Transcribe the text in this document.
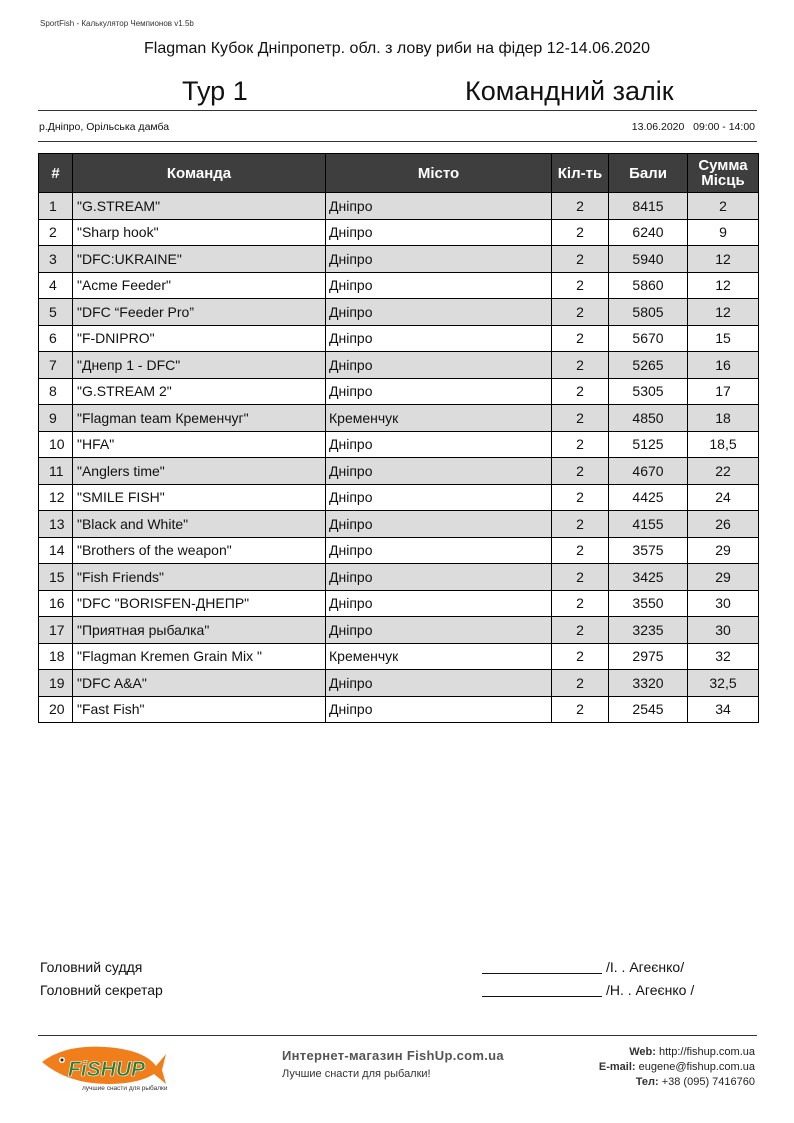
SportFish - Калькулятор Чемпионов v1.5b
Flagman Кубок Дніпропетр. обл. з лову риби на фідер 12-14.06.2020
Тур 1	Командний залік
р.Дніпро, Орільська дамба	13.06.2020 09:00 - 14:00
#	Команда	Місто	Кіл-ть	Бали	Сумма
Місць
1	"G.STREAM"	Дніпро	2	8415	2
2	"Sharp hook"	Дніпро	2	6240	9
3	"DFC:UKRAINE"	Дніпро	2	5940	12
4	"Acme Feeder"	Дніпро	2	5860	12
5	"DFC “Feeder Pro”	Дніпро	2	5805	12
6	"F-DNIPRO"	Дніпро	2	5670	15
7	"Днепр 1 - DFC"	Дніпро	2	5265	16
8	"G.STREAM 2"	Дніпро	2	5305	17
9	"Flagman team Кременчуг"	Кременчук	2	4850	18
10	"HFA"	Дніпро	2	5125	18,5
11	"Anglers time"	Дніпро	2	4670	22
12	"SMILE FISH"	Дніпро	2	4425	24
13	"Black and White"	Дніпро	2	4155	26
14	"Brothers of the weapon"	Дніпро	2	3575	29
15	"Fish Friends"	Дніпро	2	3425	29
16	"DFC "BORISFEN-ДНЕПР"	Дніпро	2	3550	30
17	"Приятная рыбалка"	Дніпро	2	3235	30
18	"Flagman Kremen Grain Mix "	Кременчук	2	2975	32
19	"DFC A&A"	Дніпро	2	3320	32,5
20	"Fast Fish"	Дніпро	2	2545	34
Головний суддя	/І. . Агеєнко/
Головний секретар	/Н. . Агеєнко /
FiSHUP
лучшие снасти для рыбалки
Интернет-магазин FishUp.com.ua
Лучшие снасти для рыбалки!
Web: http://fishup.com.ua
E-mail: eugene@fishup.com.ua
Тел: +38 (095) 7416760
